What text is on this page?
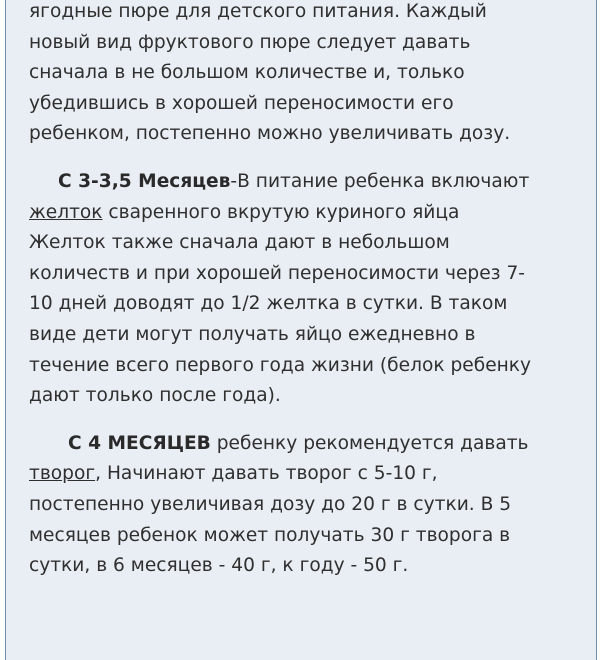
ягодные пюре для детского питания. Каждый
новый вид фруктового пюре следует давать
сначала в не большом количестве и, только
убедившись в хорошей переносимости его
ребенком, постепенно можно увеличивать дозу.
С 3-3,5 Месяцев-В питание ребенка включают
желток сваренного вкрутую куриного яйца
Желток также сначала дают в небольшом
количеств и при хорошей переносимости через 7-
10 дней доводят до 1/2 желтка в сутки. В таком
виде дети могут получать яйцо ежедневно в
течение всего первого года жизни (белок ребенку
дают только после года).
С 4 МЕСЯЦЕВ ребенку рекомендуется давать
творог, Начинают давать творог с 5-10 г,
постепенно увеличивая дозу до 20 г в сутки. В 5
месяцев ребенок может получать 30 г творога в
сутки, в 6 месяцев - 40 г, к году - 50 г.
